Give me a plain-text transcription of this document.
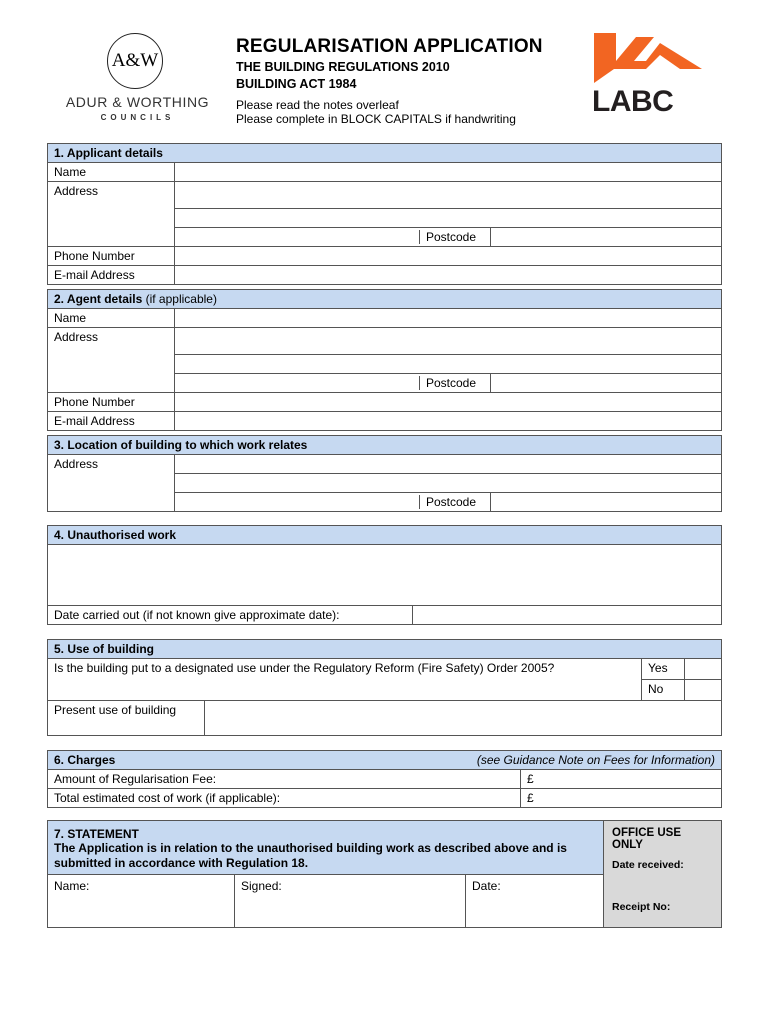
A&W
ADUR & WORTHING
COUNCILS
REGULARISATION APPLICATION
THE BUILDING REGULATIONS 2010
BUILDING ACT 1984
Please read the notes overleaf
Please complete in BLOCK CAPITALS if handwriting
LABC
1. Applicant details		
Name		
Address		

	Postcode	
Phone Number		
E-mail Address		
2. Agent details (if applicable)		
Name		
Address		

	Postcode	
Phone Number		
E-mail Address		
3. Location of building to which work relates		
Address		

	Postcode	
4. Unauthorised work

Date carried out (if not known give approximate date):	
5. Use of building			
Is the building put to a designated use under the Regulatory Reform (Fire Safety) Order 2005?		Yes	
		No	
Present use of building			
6. Charges (see Guidance Note on Fees for Information)	

Amount of Regularisation Fee:	£
Total estimated cost of work (if applicable):	£
7. STATEMENT
The Application is in relation to the unauthorised building work as described above and is submitted in accordance with Regulation 18.
Name:	Signed:	Date:
OFFICE USE ONLY
Date received:
Receipt No:
